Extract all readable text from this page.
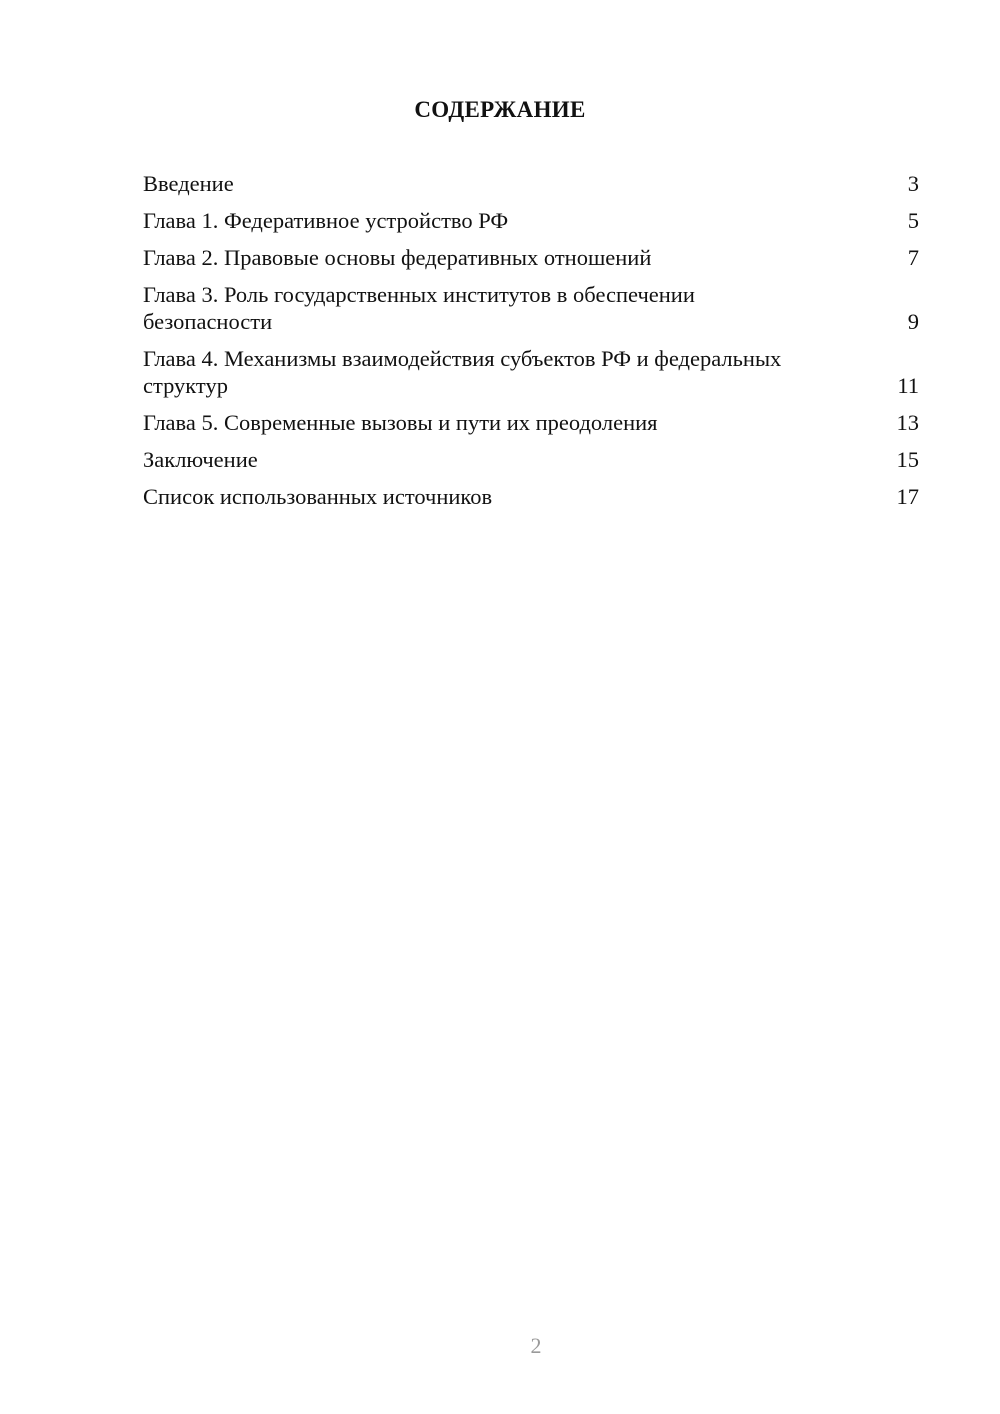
СОДЕРЖАНИЕ
Введение	3
Глава 1. Федеративное устройство РФ	5
Глава 2. Правовые основы федеративных отношений	7
Глава 3. Роль государственных институтов в обеспечении безопасности	9
Глава 4. Механизмы взаимодействия субъектов РФ и федеральных структур	11
Глава 5. Современные вызовы и пути их преодоления	13
Заключение	15
Список использованных источников	17
2
